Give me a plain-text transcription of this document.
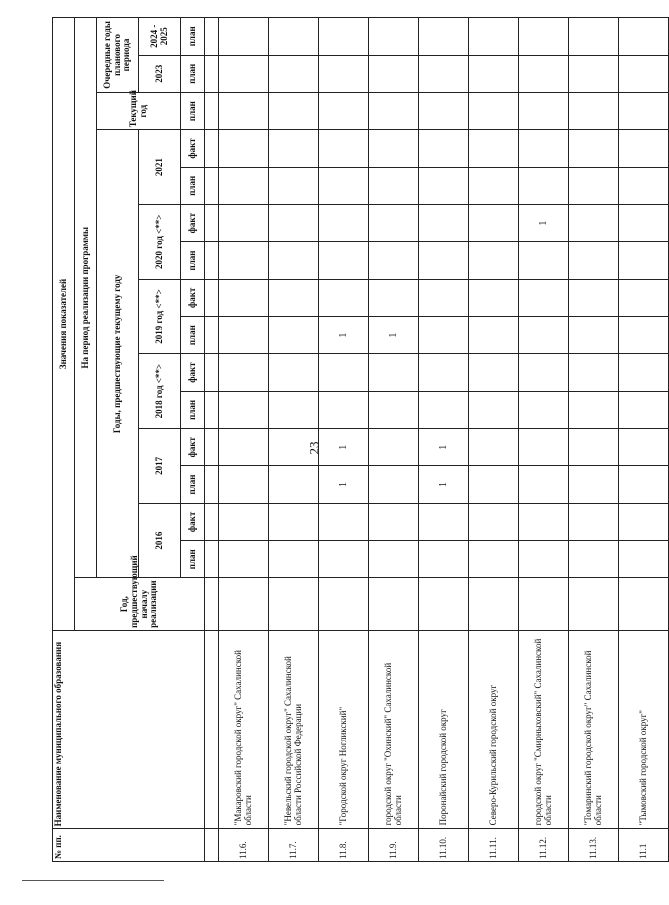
23
№ пп.	Наименование муниципального образования	Значения показателей															
		Год, предшествующий началу реализации	На период реализации программы														
			Годы, предшествующие текущему году												Текущий год	Очередные годы планового периода	
			2016		2017		2018 год <**>		2019 год <**>		2020 год <**>		2021			2023	2024 - 2025
			план	факт	план	факт	план	факт	план	факт	план	факт	план	факт	план	план	план

11.6.	"Макаровский городской округ" Сахалинской области																
11.7.	"Невельский городской округ" Сахалинской области Российской Федерации																
11.8.	"Городской округ Ногликский"				1	1			1								
11.9.	городской округ "Охинский" Сахалинской области								1								
11.10.	Поронайский городской округ				1	1											
11.11.	Северо-Курильский городской округ																
11.12.	городской округ "Смирныховский" Сахалинской области											1					
11.13.	"Томаринский городской округ" Сахалинской области																
11.1	"Тымовский городской округ"																
